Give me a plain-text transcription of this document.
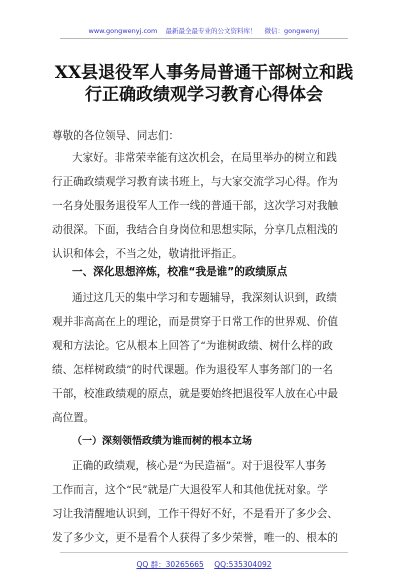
www.gongwenyj.com 最新最全最专业的公文资料库！ 微信：gongwenyj
XX县退役军人事务局普通干部树立和践
行正确政绩观学习教育心得体会
尊敬的各位领导、同志们：
大家好。非常荣幸能有这次机会，在局里举办的树立和践
行正确政绩观学习教育读书班上，与大家交流学习心得。作为
一名身处服务退役军人工作一线的普通干部，这次学习对我触
动很深。下面，我结合自身岗位和思想实际，分享几点粗浅的
认识和体会，不当之处，敬请批评指正。
一、深化思想淬炼，校准“我是谁”的政绩原点
通过这几天的集中学习和专题辅导，我深刻认识到，政绩
观并非高高在上的理论，而是贯穿于日常工作的世界观、价值
观和方法论。它从根本上回答了“为谁树政绩、树什么样的政
绩、怎样树政绩”的时代课题。作为退役军人事务部门的一名
干部，校准政绩观的原点，就是要始终把退役军人放在心中最
高位置。
（一）深刻领悟政绩为谁而树的根本立场
正确的政绩观，核心是“为民造福”。对于退役军人事务
工作而言，这个“民”就是广大退役军人和其他优抚对象。学
习让我清醒地认识到，工作干得好不好，不是看开了多少会、
发了多少文，更不是看个人获得了多少荣誉，唯一的、根本的
QQ 群：30265665 QQ:535304092
